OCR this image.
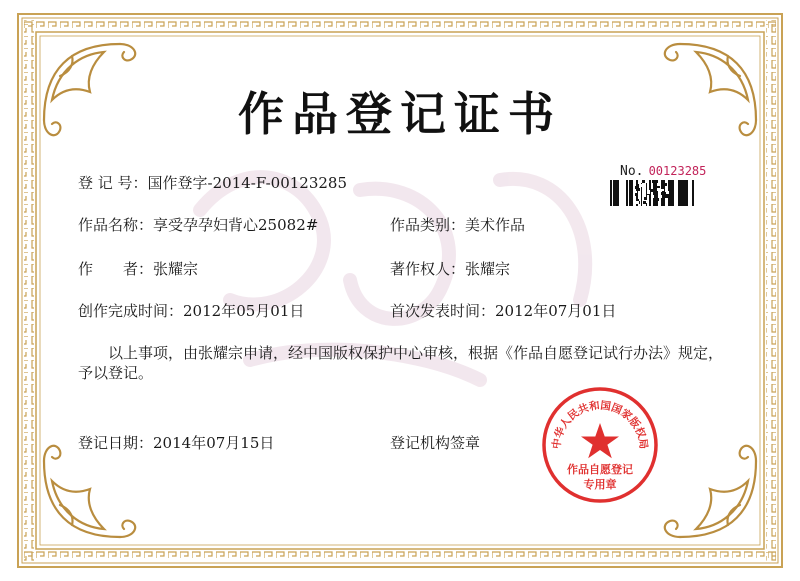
作品登记证书
No. 00123285
登 记 号：国作登字-2014-F-00123285
作品名称：享受孕孕妇背心25082#	作品类别：美术作品
作　　者：张耀宗	著作权人：张耀宗
创作完成时间：2012年05月01日	首次发表时间：2012年07月01日
以上事项，由张耀宗申请，经中国版权保护中心审核，根据《作品自愿登记试行办法》规定，予以登记。
登记日期：2014年07月15日	登记机构签章	中华人民共和国国家版权局
作品自愿登记
专用章
